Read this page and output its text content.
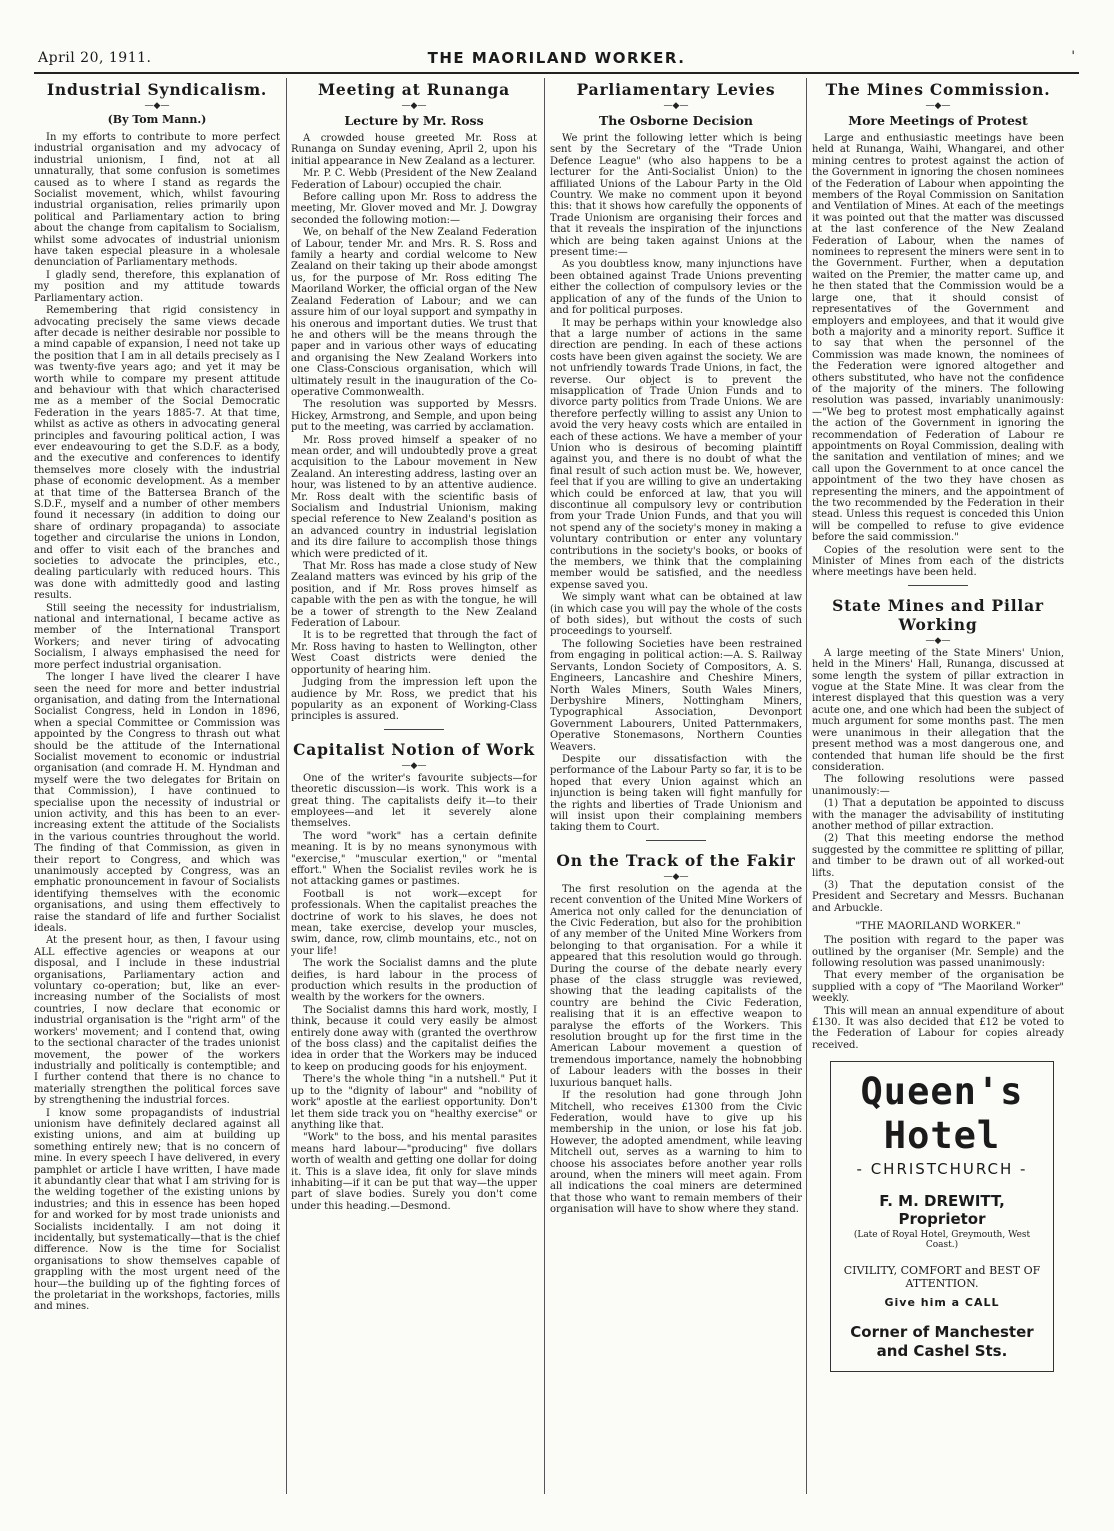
April 20, 1911.	THE MAORILAND WORKER.	'
Industrial Syndicalism.
—◆—
(By Tom Mann.)

In my efforts to contribute to more perfect industrial organisation and my advocacy of industrial unionism, I find, not at all unnaturally, that some confusion is sometimes caused as to where I stand as regards the Socialist movement, which, whilst favouring industrial organisation, relies primarily upon political and Parliamentary action to bring about the change from capitalism to Socialism, whilst some advocates of industrial unionism have taken especial pleasure in a wholesale denunciation of Parliamentary methods.

I gladly send, therefore, this explanation of my position and my attitude towards Parliamentary action.

Remembering that rigid consistency in advocating precisely the same views decade after decade is neither desirable nor possible to a mind capable of expansion, I need not take up the position that I am in all details precisely as I was twenty-five years ago; and yet it may be worth while to compare my present attitude and behaviour with that which characterised me as a member of the Social Democratic Federation in the years 1885-7. At that time, whilst as active as others in advocating general principles and favouring political action, I was ever endeavouring to get the S.D.F. as a body, and the executive and conferences to identify themselves more closely with the industrial phase of economic development. As a member at that time of the Battersea Branch of the S.D.F., myself and a number of other members found it necessary (in addition to doing our share of ordinary propaganda) to associate together and circularise the unions in London, and offer to visit each of the branches and societies to advocate the principles, etc., dealing particularly with reduced hours. This was done with admittedly good and lasting results.

Still seeing the necessity for industrialism, national and international, I became active as member of the International Transport Workers; and never tiring of advocating Socialism, I always emphasised the need for more perfect industrial organisation.

The longer I have lived the clearer I have seen the need for more and better industrial organisation, and dating from the International Socialist Congress, held in London in 1896, when a special Committee or Commission was appointed by the Congress to thrash out what should be the attitude of the International Socialist movement to economic or industrial organisation (and comrade H. M. Hyndman and myself were the two delegates for Britain on that Commission), I have continued to specialise upon the necessity of industrial or union activity, and this has been to an ever-increasing extent the attitude of the Socialists in the various countries throughout the world. The finding of that Commission, as given in their report to Congress, and which was unanimously accepted by Congress, was an emphatic pronouncement in favour of Socialists identifying themselves with the economic organisations, and using them effectively to raise the standard of life and further Socialist ideals.

At the present hour, as then, I favour using ALL effective agencies or weapons at our disposal, and I include in these industrial organisations, Parliamentary action and voluntary co-operation; but, like an ever-increasing number of the Socialists of most countries, I now declare that economic or industrial organisation is the "right arm" of the workers' movement; and I contend that, owing to the sectional character of the trades unionist movement, the power of the workers industrially and politically is contemptible; and I further contend that there is no chance to materially strengthen the political forces save by strengthening the industrial forces.

I know some propagandists of industrial unionism have definitely declared against all existing unions, and aim at building up something entirely new; that is no concern of mine. In every speech I have delivered, in every pamphlet or article I have written, I have made it abundantly clear that what I am striving for is the welding together of the existing unions by industries; and this in essence has been hoped for and worked for by most trade unionists and Socialists incidentally. I am not doing it incidentally, but systematically—that is the chief difference. Now is the time for Socialist organisations to show themselves capable of grappling with the most urgent need of the hour—the building up of the fighting forces of the proletariat in the workshops, factories, mills and mines.

Meeting at Runanga
—◆—
Lecture by Mr. Ross

A crowded house greeted Mr. Ross at Runanga on Sunday evening, April 2, upon his initial appearance in New Zealand as a lecturer.

Mr. P. C. Webb (President of the New Zealand Federation of Labour) occupied the chair.

Before calling upon Mr. Ross to address the meeting, Mr. Glover moved and Mr. J. Dowgray seconded the following motion:—

We, on behalf of the New Zealand Federation of Labour, tender Mr. and Mrs. R. S. Ross and family a hearty and cordial welcome to New Zealand on their taking up their abode amongst us, for the purpose of Mr. Ross editing The Maoriland Worker, the official organ of the New Zealand Federation of Labour; and we can assure him of our loyal support and sympathy in his onerous and important duties. We trust that he and others will be the means through the paper and in various other ways of educating and organising the New Zealand Workers into one Class-Conscious organisation, which will ultimately result in the inauguration of the Co-operative Commonwealth.

The resolution was supported by Messrs. Hickey, Armstrong, and Semple, and upon being put to the meeting, was carried by acclamation.

Mr. Ross proved himself a speaker of no mean order, and will undoubtedly prove a great acquisition to the Labour movement in New Zealand. An interesting address, lasting over an hour, was listened to by an attentive audience. Mr. Ross dealt with the scientific basis of Socialism and Industrial Unionism, making special reference to New Zealand's position as an advanced country in industrial legislation and its dire failure to accomplish those things which were predicted of it.

That Mr. Ross has made a close study of New Zealand matters was evinced by his grip of the position, and if Mr. Ross proves himself as capable with the pen as with the tongue, he will be a tower of strength to the New Zealand Federation of Labour.

It is to be regretted that through the fact of Mr. Ross having to hasten to Wellington, other West Coast districts were denied the opportunity of hearing him.

Judging from the impression left upon the audience by Mr. Ross, we predict that his popularity as an exponent of Working-Class principles is assured.

Capitalist Notion of Work
—◆—

One of the writer's favourite subjects—for theoretic discussion—is work. This work is a great thing. The capitalists deify it—to their employees—and let it severely alone themselves.

The word "work" has a certain definite meaning. It is by no means synonymous with "exercise," "muscular exertion," or "mental effort." When the Socialist reviles work he is not attacking games or pastimes.

Football is not work—except for professionals. When the capitalist preaches the doctrine of work to his slaves, he does not mean, take exercise, develop your muscles, swim, dance, row, climb mountains, etc., not on your life!

The work the Socialist damns and the plute deifies, is hard labour in the process of production which results in the production of wealth by the workers for the owners.

The Socialist damns this hard work, mostly, I think, because it could very easily be almost entirely done away with (granted the overthrow of the boss class) and the capitalist deifies the idea in order that the Workers may be induced to keep on producing goods for his enjoyment.

There's the whole thing "in a nutshell." Put it up to the "dignity of labour" and "nobility of work" apostle at the earliest opportunity. Don't let them side track you on "healthy exercise" or anything like that.

"Work" to the boss, and his mental parasites means hard labour—"producing" five dollars worth of wealth and getting one dollar for doing it. This is a slave idea, fit only for slave minds inhabiting—if it can be put that way—the upper part of slave bodies. Surely you don't come under this heading.—Desmond.

Parliamentary Levies
—◆—
The Osborne Decision

We print the following letter which is being sent by the Secretary of the "Trade Union Defence League" (who also happens to be a lecturer for the Anti-Socialist Union) to the affiliated Unions of the Labour Party in the Old Country. We make no comment upon it beyond this: that it shows how carefully the opponents of Trade Unionism are organising their forces and that it reveals the inspiration of the injunctions which are being taken against Unions at the present time:—

As you doubtless know, many injunctions have been obtained against Trade Unions preventing either the collection of compulsory levies or the application of any of the funds of the Union to and for political purposes.

It may be perhaps within your knowledge also that a large number of actions in the same direction are pending. In each of these actions costs have been given against the society. We are not unfriendly towards Trade Unions, in fact, the reverse. Our object is to prevent the misapplication of Trade Union Funds and to divorce party politics from Trade Unions. We are therefore perfectly willing to assist any Union to avoid the very heavy costs which are entailed in each of these actions. We have a member of your Union who is desirous of becoming plaintiff against you, and there is no doubt of what the final result of such action must be. We, however, feel that if you are willing to give an undertaking which could be enforced at law, that you will discontinue all compulsory levy or contribution from your Trade Union Funds, and that you will not spend any of the society's money in making a voluntary contribution or enter any voluntary contributions in the society's books, or books of the members, we think that the complaining member would be satisfied, and the needless expense saved you.

We simply want what can be obtained at law (in which case you will pay the whole of the costs of both sides), but without the costs of such proceedings to yourself.

The following Societies have been restrained from engaging in political action:—A. S. Railway Servants, London Society of Compositors, A. S. Engineers, Lancashire and Cheshire Miners, North Wales Miners, South Wales Miners, Derbyshire Miners, Nottingham Miners, Typographical Association, Devonport Government Labourers, United Patternmakers, Operative Stonemasons, Northern Counties Weavers.

Despite our dissatisfaction with the performance of the Labour Party so far, it is to be hoped that every Union against which an injunction is being taken will fight manfully for the rights and liberties of Trade Unionism and will insist upon their complaining members taking them to Court.

On the Track of the Fakir
—◆—

The first resolution on the agenda at the recent convention of the United Mine Workers of America not only called for the denunciation of the Civic Federation, but also for the prohibition of any member of the United Mine Workers from belonging to that organisation. For a while it appeared that this resolution would go through. During the course of the debate nearly every phase of the class struggle was reviewed, showing that the leading capitalists of the country are behind the Civic Federation, realising that it is an effective weapon to paralyse the efforts of the Workers. This resolution brought up for the first time in the American Labour movement a question of tremendous importance, namely the hobnobbing of Labour leaders with the bosses in their luxurious banquet halls.

If the resolution had gone through John Mitchell, who receives £1300 from the Civic Federation, would have to give up his membership in the union, or lose his fat job. However, the adopted amendment, while leaving Mitchell out, serves as a warning to him to choose his associates before another year rolls around, when the miners will meet again. From all indications the coal miners are determined that those who want to remain members of their organisation will have to show where they stand.

The Mines Commission.
—◆—
More Meetings of Protest

Large and enthusiastic meetings have been held at Runanga, Waihi, Whangarei, and other mining centres to protest against the action of the Government in ignoring the chosen nominees of the Federation of Labour when appointing the members of the Royal Commission on Sanitation and Ventilation of Mines. At each of the meetings it was pointed out that the matter was discussed at the last conference of the New Zealand Federation of Labour, when the names of nominees to represent the miners were sent in to the Government. Further, when a deputation waited on the Premier, the matter came up, and he then stated that the Commission would be a large one, that it should consist of representatives of the Government and employers and employees, and that it would give both a majority and a minority report. Suffice it to say that when the personnel of the Commission was made known, the nominees of the Federation were ignored altogether and others substituted, who have not the confidence of the majority of the miners. The following resolution was passed, invariably unanimously:—"We beg to protest most emphatically against the action of the Government in ignoring the recommendation of Federation of Labour re appointments on Royal Commission, dealing with the sanitation and ventilation of mines; and we call upon the Government to at once cancel the appointment of the two they have chosen as representing the miners, and the appointment of the two recommended by the Federation in their stead. Unless this request is conceded this Union will be compelled to refuse to give evidence before the said commission."

Copies of the resolution were sent to the Minister of Mines from each of the districts where meetings have been held.

State Mines and Pillar Working
—◆—

A large meeting of the State Miners' Union, held in the Miners' Hall, Runanga, discussed at some length the system of pillar extraction in vogue at the State Mine. It was clear from the interest displayed that this question was a very acute one, and one which had been the subject of much argument for some months past. The men were unanimous in their allegation that the present method was a most dangerous one, and contended that human life should be the first consideration.

The following resolutions were passed unanimously:—

(1) That a deputation be appointed to discuss with the manager the advisability of instituting another method of pillar extraction.

(2) That this meeting endorse the method suggested by the committee re splitting of pillar, and timber to be drawn out of all worked-out lifts.

(3) That the deputation consist of the President and Secretary and Messrs. Buchanan and Arbuckle.

"THE MAORILAND WORKER."

The position with regard to the paper was outlined by the organiser (Mr. Semple) and the following resolution was passed unanimously:

That every member of the organisation be supplied with a copy of "The Maoriland Worker" weekly.

This will mean an annual expenditure of about £130. It was also decided that £12 be voted to the Federation of Labour for copies already received.

Queen's Hotel
- CHRISTCHURCH -
F. M. DREWITT, Proprietor
(Late of Royal Hotel, Greymouth, West Coast.)
CIVILITY, COMFORT and BEST OF ATTENTION.
Give him a CALL
Corner of Manchester and Cashel Sts.
